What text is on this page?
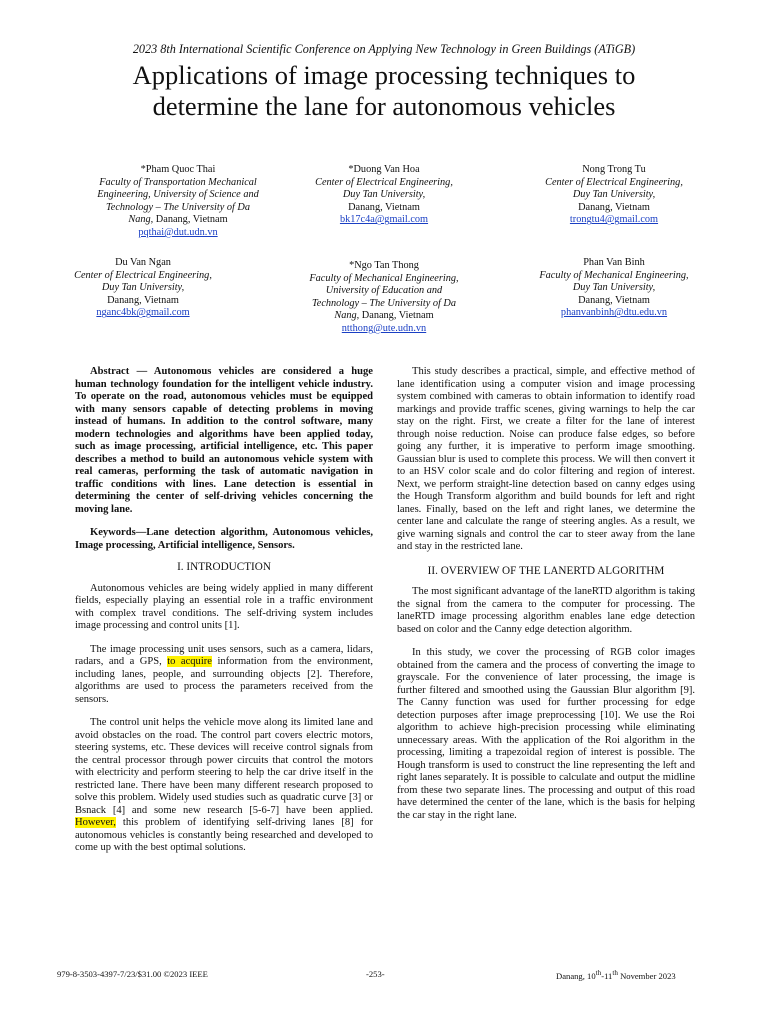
2023 8th International Scientific Conference on Applying New Technology in Green Buildings (ATiGB)
Applications of image processing techniques to
determine the lane for autonomous vehicles
*Pham Quoc Thai
Faculty of Transportation Mechanical
Engineering, University of Science and
Technology – The University of Da
Nang, Danang, Vietnam
pqthai@dut.udn.vn
*Duong Van Hoa
Center of Electrical Engineering,
Duy Tan University,
Danang, Vietnam
bk17c4a@gmail.com
Nong Trong Tu
Center of Electrical Engineering,
Duy Tan University,
Danang, Vietnam
trongtu4@gmail.com
Du Van Ngan
Center of Electrical Engineering,
Duy Tan University,
Danang, Vietnam
nganc4bk@gmail.com
*Ngo Tan Thong
Faculty of Mechanical Engineering,
University of Education and
Technology – The University of Da
Nang, Danang, Vietnam
ntthong@ute.udn.vn
Phan Van Binh
Faculty of Mechanical Engineering,
Duy Tan University,
Danang, Vietnam
phanvanbinh@dtu.edu.vn

Abstract — Autonomous vehicles are considered a huge human technology foundation for the intelligent vehicle industry. To operate on the road, autonomous vehicles must be equipped with many sensors capable of detecting problems in moving instead of humans. In addition to the control software, many modern technologies and algorithms have been applied today, such as image processing, artificial intelligence, etc. This paper describes a method to build an autonomous vehicle system with real cameras, performing the task of automatic navigation in traffic conditions with lines. Lane detection is essential in determining the center of self-driving vehicles concerning the moving lane.

Keywords—Lane detection algorithm, Autonomous vehicles, Image processing, Artificial intelligence, Sensors.

I. INTRODUCTION

Autonomous vehicles are being widely applied in many different fields, especially playing an essential role in a traffic environment with complex travel conditions. The self-driving system includes image processing and control units [1].

The image processing unit uses sensors, such as a camera, lidars, radars, and a GPS, to acquire information from the environment, including lanes, people, and surrounding objects [2]. Therefore, algorithms are used to process the parameters received from the sensors.

The control unit helps the vehicle move along its limited lane and avoid obstacles on the road. The control part covers electric motors, steering systems, etc. These devices will receive control signals from the central processor through power circuits that control the motors with electricity and perform steering to help the car drive itself in the restricted lane. There have been many different research proposed to solve this problem. Widely used studies such as quadratic curve [3] or Bsnack [4] and some new research [5-6-7] have been applied. However, this problem of identifying self-driving lanes [8] for autonomous vehicles is constantly being researched and developed to come up with the best optimal solutions.

This study describes a practical, simple, and effective method of lane identification using a computer vision and image processing system combined with cameras to obtain information to identify road markings and provide traffic scenes, giving warnings to help the car stay on the right. First, we create a filter for the lane of interest through noise reduction. Noise can produce false edges, so before going any further, it is imperative to perform image smoothing. Gaussian blur is used to complete this process. We will then convert it to an HSV color scale and do color filtering and region of interest. Next, we perform straight-line detection based on canny edges using the Hough Transform algorithm and build bounds for left and right lanes. Finally, based on the left and right lanes, we determine the center lane and calculate the range of steering angles. As a result, we give warning signals and control the car to steer away from the lane and stay in the restricted lane.

II. OVERVIEW OF THE LANERTD ALGORITHM

The most significant advantage of the laneRTD algorithm is taking the signal from the camera to the computer for processing. The laneRTD image processing algorithm enables lane edge detection based on color and the Canny edge detection algorithm.

In this study, we cover the processing of RGB color images obtained from the camera and the process of converting the image to grayscale. For the convenience of later processing, the image is further filtered and smoothed using the Gaussian Blur algorithm [9]. The Canny function was used for further processing for edge detection purposes after image preprocessing [10]. We use the Roi algorithm to achieve high-precision processing while eliminating unnecessary areas. With the application of the Roi algorithm in the processing, limiting a trapezoidal region of interest is possible. The Hough transform is used to construct the line representing the left and right lanes separately. It is possible to calculate and output the midline from these two separate lines. The processing and output of this road have determined the center of the lane, which is the basis for helping the car stay in the right lane.

979-8-3503-4397-7/23/$31.00 ©2023 IEEE	-253-	Danang, 10th-11th November 2023
